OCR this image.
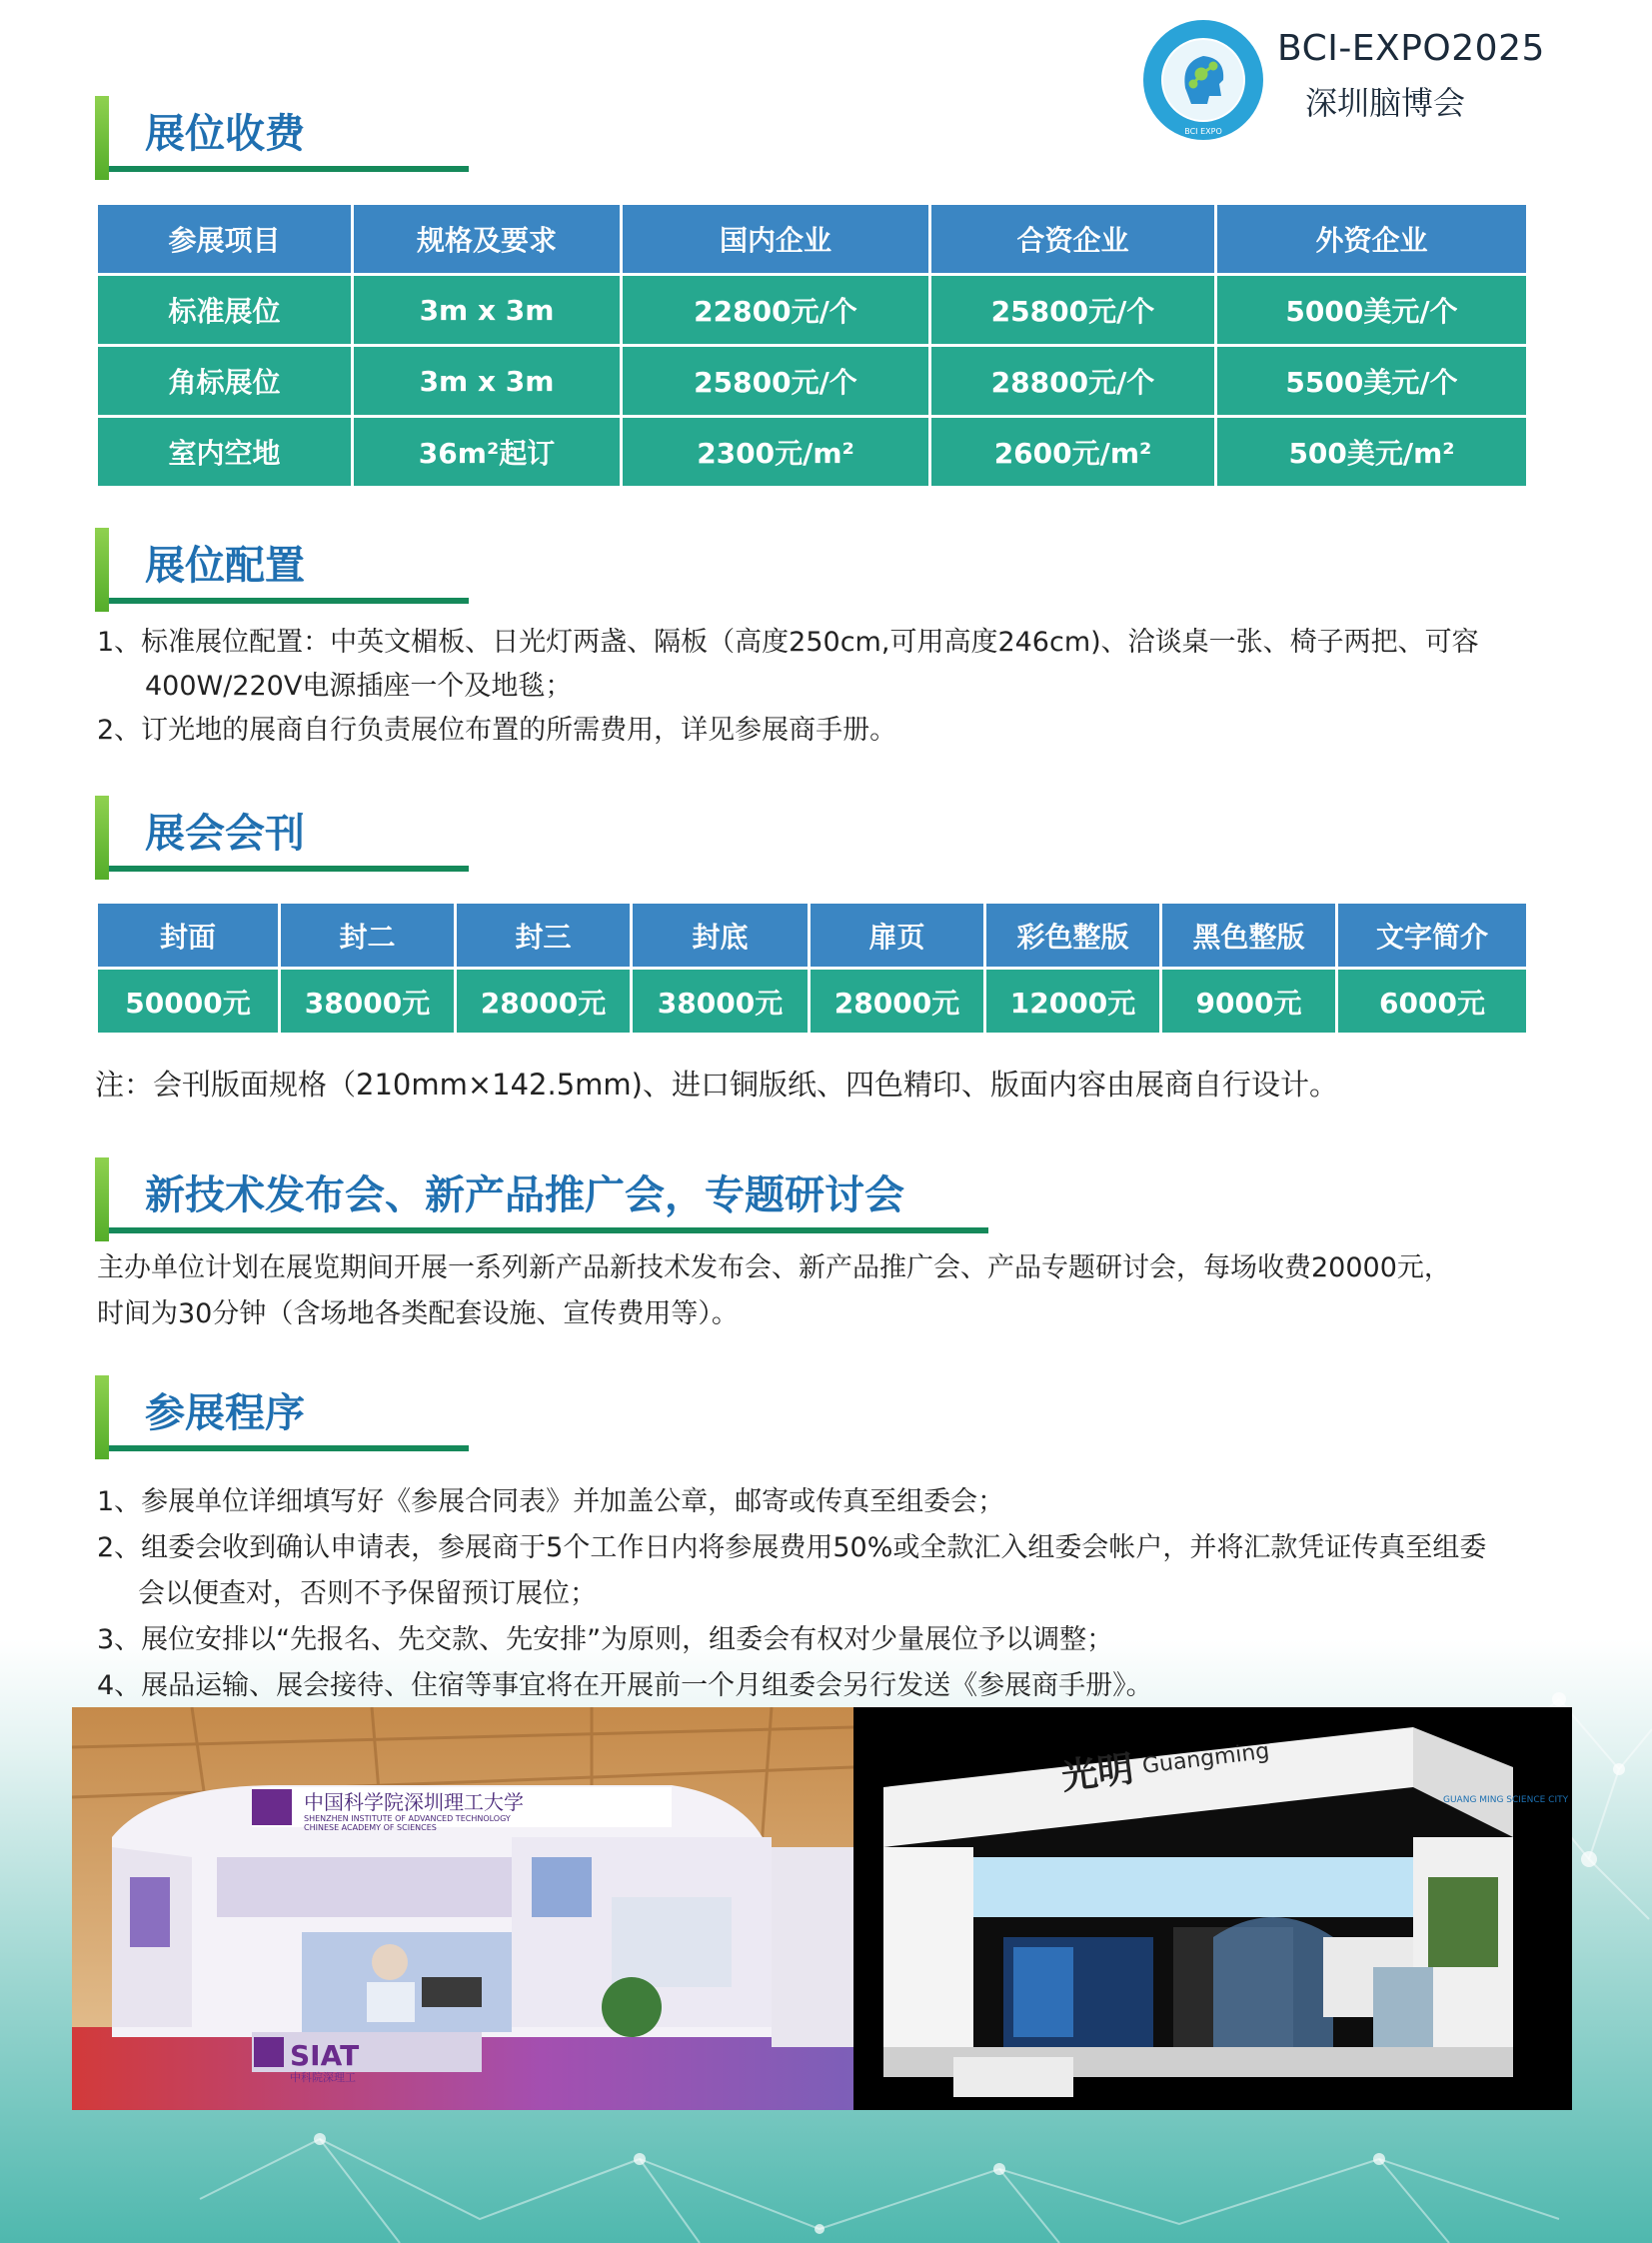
BCI EXPO
BCI-EXPO2025
深圳脑博会
展位收费
参展项目	规格及要求	国内企业	合资企业	外资企业
标准展位	3m x 3m	22800元/个	25800元/个	5000美元/个
角标展位	3m x 3m	25800元/个	28800元/个	5500美元/个
室内空地	36m²起订	2300元/m²	2600元/m²	500美元/m²
展位配置
1、标准展位配置：中英文楣板、日光灯两盏、隔板（高度250cm,可用高度246cm)、洽谈桌一张、椅子两把、可容
400W/220V电源插座一个及地毯；
2、订光地的展商自行负责展位布置的所需费用，详见参展商手册。
展会会刊
封面	封二	封三	封底	扉页	彩色整版	黑色整版	文字简介
50000元	38000元	28000元	38000元	28000元	12000元	9000元	6000元
注：会刊版面规格（210mm×142.5mm)、进口铜版纸、四色精印、版面内容由展商自行设计。
新技术发布会、新产品推广会，专题研讨会
主办单位计划在展览期间开展一系列新产品新技术发布会、新产品推广会、产品专题研讨会，每场收费20000元，
时间为30分钟（含场地各类配套设施、宣传费用等）。
参展程序
1、参展单位详细填写好《参展合同表》并加盖公章，邮寄或传真至组委会；
2、组委会收到确认申请表，参展商于5个工作日内将参展费用50%或全款汇入组委会帐户，并将汇款凭证传真至组委
会以便查对，否则不予保留预订展位；
3、展位安排以“先报名、先交款、先安排”为原则，组委会有权对少量展位予以调整；
4、展品运输、展会接待、住宿等事宜将在开展前一个月组委会另行发送《参展商手册》。
中国科学院深圳理工大学
SHENZHEN INSTITUTE OF ADVANCED TECHNOLOGY
CHINESE ACADEMY OF SCIENCES
SIAT
中科院深理工
光明 Guangming
GUANG MING SCIENCE CITY
